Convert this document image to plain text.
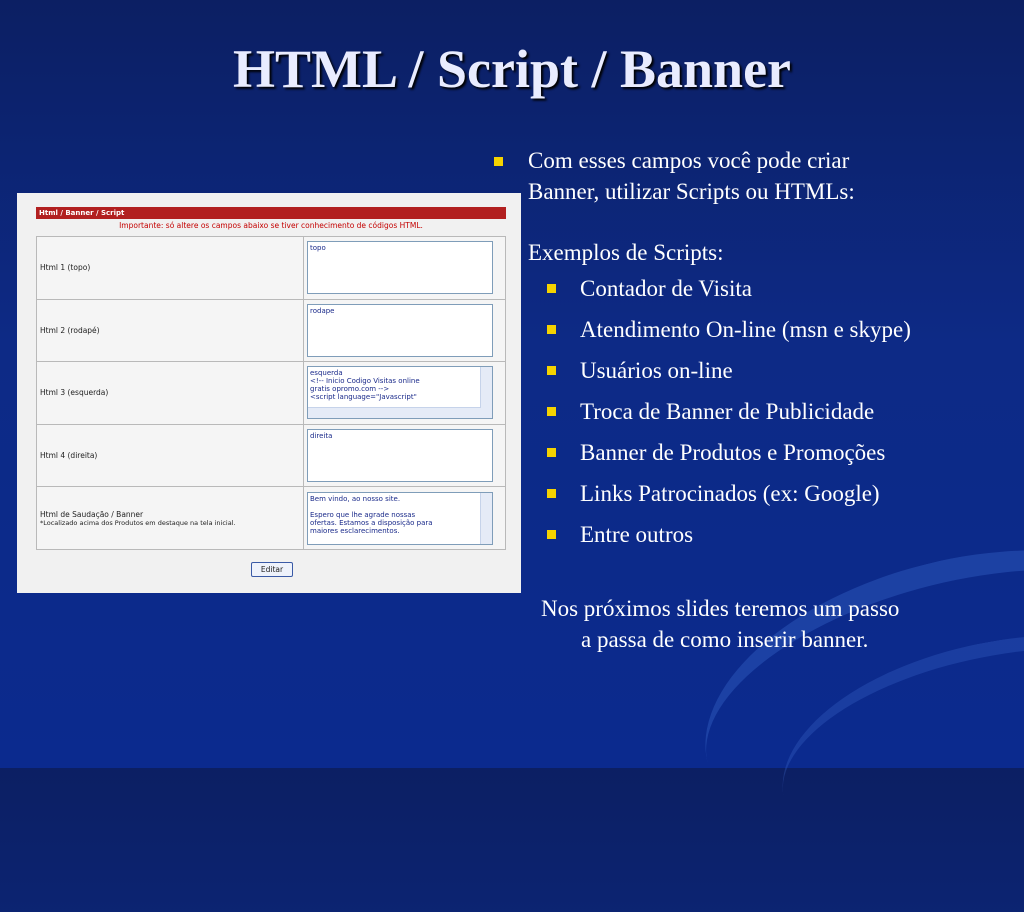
HTML / Script / Banner
Html / Banner / Script
Importante: só altere os campos abaixo se tiver conhecimento de códigos HTML.
Html 1 (topo)	topo

Html 2 (rodapé)	rodape

Html 3 (esquerda)	esquerda
<!-- Inicio Codigo Visitas online
gratis opromo.com -->
<script language="Javascript"

Html 4 (direita)	direita

Html de Saudação / Banner
*Localizado acima dos Produtos em destaque na tela inicial.	Bem vindo, ao nosso site.

Espero que lhe agrade nossas
ofertas. Estamos a disposição para
maiores esclarecimentos.
Editar
Com esses campos você pode criar
Banner, utilizar Scripts ou HTMLs:
Exemplos de Scripts:
Contador de Visita
Atendimento On-line (msn e skype)
Usuários on-line
Troca de Banner de Publicidade
Banner de Produtos e Promoções
Links Patrocinados (ex: Google)
Entre outros
Nos próximos slides teremos um passo
a passa de como inserir banner.
